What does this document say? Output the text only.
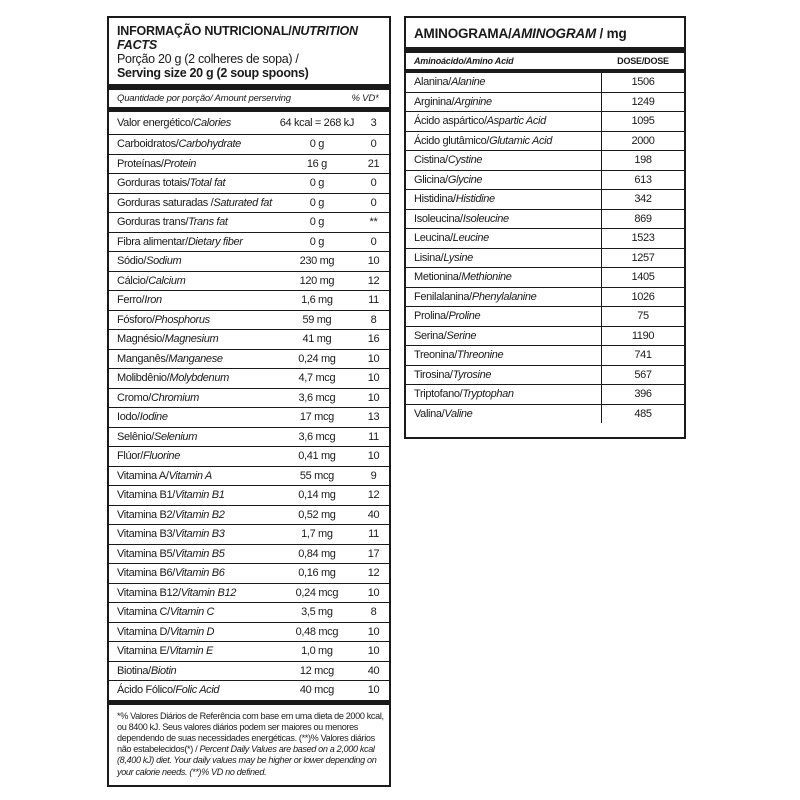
INFORMAÇÃO NUTRICIONAL/NUTRITION FACTS
Porção 20 g (2 colheres de sopa) /
Serving size 20 g (2 soup spoons)
Quantidade por porção/ Amount perserving	% VD*
Valor energético/Calories	64 kcal = 268 kJ	3
Carboidratos/Carbohydrate	0 g	0
Proteínas/Protein	16 g	21
Gorduras totais/Total fat	0 g	0
Gorduras saturadas /Saturated fat	0 g	0
Gorduras trans/Trans fat	0 g	**
Fibra alimentar/Dietary fiber	0 g	0
Sódio/Sodium	230 mg	10
Cálcio/Calcium	120 mg	12
Ferro/Iron	1,6 mg	11
Fósforo/Phosphorus	59 mg	8
Magnésio/Magnesium	41 mg	16
Manganês/Manganese	0,24 mg	10
Molibdênio/Molybdenum	4,7 mcg	10
Cromo/Chromium	3,6 mcg	10
Iodo/Iodine	17 mcg	13
Selênio/Selenium	3,6 mcg	11
Flúor/Fluorine	0,41 mg	10
Vitamina A/Vitamin A	55 mcg	9
Vitamina B1/Vitamin B1	0,14 mg	12
Vitamina B2/Vitamin B2	0,52 mg	40
Vitamina B3/Vitamin B3	1,7 mg	11
Vitamina B5/Vitamin B5	0,84 mg	17
Vitamina B6/Vitamin B6	0,16 mg	12
Vitamina B12/Vitamin B12	0,24 mcg	10
Vitamina C/Vitamin C	3,5 mg	8
Vitamina D/Vitamin D	0,48 mcg	10
Vitamina E/Vitamin E	1,0 mg	10
Biotina/Biotin	12 mcg	40
Ácido Fólico/Folic Acid	40 mcg	10
*% Valores Diários de Referência com base em uma dieta de 2000 kcal, ou 8400 kJ. Seus valores diários podem ser maiores ou menores dependendo de suas necessidades energéticas. (**)% Valores diários não estabelecidos(*) / Percent Daily Values are based on a 2,000 kcal (8,400 kJ) diet. Your daily values may be higher or lower depending on your calorie needs. (**)% VD no defined.
AMINOGRAMA/AMINOGRAM / mg
Aminoácido/Amino Acid	DOSE/DOSE
Alanina/Alanine	1506
Arginina/Arginine	1249
Ácido aspártico/Aspartic Acid	1095
Ácido glutâmico/Glutamic Acid	2000
Cistina/Cystine	198
Glicina/Glycine	613
Histidina/Histidine	342
Isoleucina/Isoleucine	869
Leucina/Leucine	1523
Lisina/Lysine	1257
Metionina/Methionine	1405
Fenilalanina/Phenylalanine	1026
Prolina/Proline	75
Serina/Serine	1190
Treonina/Threonine	741
Tirosina/Tyrosine	567
Triptofano/Tryptophan	396
Valina/Valine	485
